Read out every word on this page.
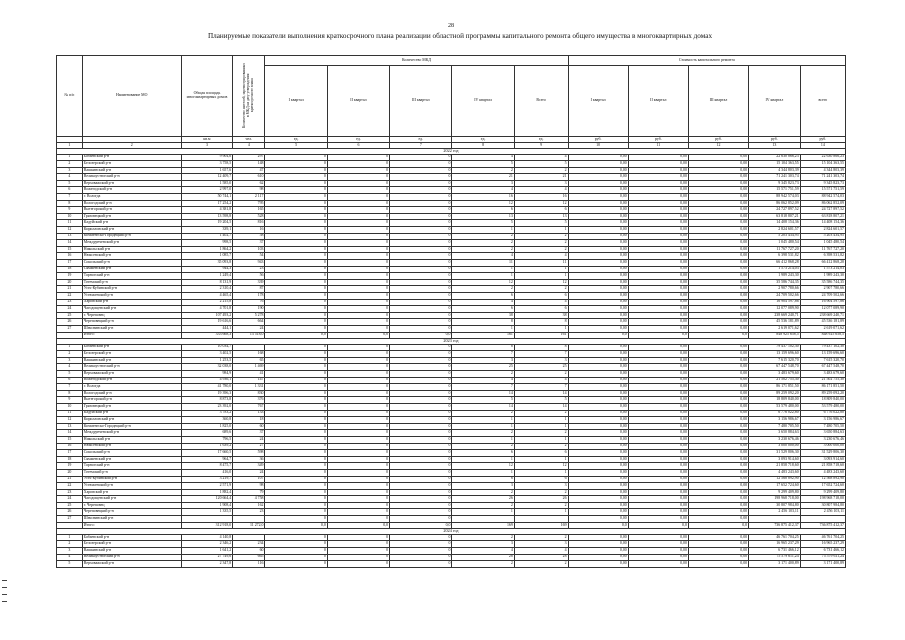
28
Планируемые показатели выполнения краткосрочного плана реализации областной программы капитального ремонта общего имущества в многоквартирных домах
№ п/п	Наименование МО	Общая площадь многоквартирных домов	Количество жителей, зарегистрированных в МКД на дату утверждения краткосрочного плана	Количество МКД					Стоимость капитального ремонта				
				I квартал	II квартал	III квартал	IV квартал	Всего	I квартал	II квартал	III квартал	IV квартал	всего
		кв.м	чел.	ед.	ед.	ед.	ед.	ед.	руб.	руб.	руб.	руб.	руб.
1	2	3	4	5	6	7	8	9	10	11	12	13	14
2022 год													
1	Бабаевский р-н	9 904,6	297	0	0	0	4	4	0,00	0,00	0,00	22 630 866,23	22 630 866,23
2	Белозерский р-н	3 758,5	148	0	0	0	5	5	0,00	0,00	0,00	15 104 363,55	15 104 363,55
3	Вашкинский р-н	1 657,6	47	0	0	0	2	2	0,00	0,00	0,00	4 344 803,39	4 344 803,39
4	Великоустюгский р-н	12 409,7	610	0	0	0	21	21	0,00	0,00	0,00	71 241 303,74	71 241 303,74
5	Верховажский р-н	1 585,0	62	0	0	0	3	3	0,00	0,00	0,00	9 345 823,73	9 345 823,73
6	Вожегодский р-н	2 997,0	98	0	0	0	4	4	0,00	0,00	0,00	15 571 751,59	15 571 751,59
7	г. Вологда	50 744,1	2 117	0	0	0	16	16	0,00	0,00	0,00	88 942 574,03	88 942 574,03
8	Вологодский р-н	17 254,2	795	0	0	0	12	12	0,00	0,00	0,00	86 062 852,09	86 062 852,09
9	Вытегорский р-н	4 381,8	165	0	0	0	6	6	0,00	0,00	0,00	24 727 897,52	24 727 897,52
10	Грязовецкий р-н	13 598,8	528	0	0	0	13	13	0,00	0,00	0,00	63 818 807,21	63 818 807,21
11	Кадуйский р-н	19 204,5	816	0	0	0	5	5	0,00	0,00	0,00	14 408 154,36	14 408 154,36
12	Кирилловский р-н	339,1	16	0	0	0	1	1	0,00	0,00	0,00	2 824 601,57	2 824 601,57
13	Кичменгско-Городецкий р-н	1 402,7	58	0	0	0	2	2	0,00	0,00	0,00	5 203 434,95	5 203 434,95
14	Междуреченский р-н	998,5	37	0	0	0	2	2	0,00	0,00	0,00	1 045 480,54	1 045 480,54
15	Никольский р-н	1 864,2	103	0	0	0	2	2	0,00	0,00	0,00	11 767 727,20	11 767 727,20
16	Нюксенский р-н	1 085,7	54	0	0	0	4	4	0,00	0,00	0,00	6 398 531,82	6 398 531,82
17	Сокольский р-н	35 093,8	943	0	0	0	11	11	0,00	0,00	0,00	66 412 868,28	66 412 868,28
18	Сямженский р-н	944,3	23	0	0	0	1	1	0,00	0,00	0,00	1 573 214,03	1 573 214,03
19	Тарногский р-н	1 249,4	56	0	0	0	1	1	0,00	0,00	0,00	1 989 243,30	1 989 243,30
20	Тотемский р-н	8 131,9	339	0	0	0	12	12	0,00	0,00	0,00	35 586 744,35	35 586 744,35
21	Усть-Кубинский р-н	2 310,4	87	0	0	0	2	2	0,00	0,00	0,00	2 907 780,66	2 907 780,66
22	Устюженский р-н	4 465,4	178	0	0	0	6	6	0,00	0,00	0,00	24 709 502,66	24 709 502,66
23	Харовский р-н	2 215,8	76	0	0	0	4	4	0,00	0,00	0,00	16 904 597,86	16 904 597,86
24	Чагодощенский р-н	4 701,8	190	0	0	0	6	6	0,00	0,00	0,00	12 077 089,90	12 077 089,90
25	г. Череповец	107 493,2	5 278	0	0	0	38	38	0,00	0,00	0,00	238 669 240,71	238 669 240,71
26	Череповецкий р-н	19 616,6	664	0	0	0	8	8	0,00	0,00	0,00	45 536 181,89	45 536 181,89
27	Шекснинский р-н	444,1	24	0	0	0	1	1	0,00	0,00	0,00	2 619 071,62	2 619 071,62
	Итого:	333 668,3	13 518,0	0,0	0,0	0,0	161	161	0,0	0,0	0,0	848 925 658,5	848 925 658,5
2023 год													
1	Бабаевский р-н	10 034,7		0	0	0	8	8	0,00	0,00	0,00	79 437 102,30	79 437 102,30
2	Белозерский р-н	3 402,5	168	0	0	0	7	7	0,00	0,00	0,00	13 159 696,60	13 159 696,60
3	Вашкинский р-н	1 253,5	65	0	0	0	3	3	0,00	0,00	0,00	7 615 320,70	7 615 320,70
4	Великоустюгский р-н	32 038,0	1 469	0	0	0	25	25	0,00	0,00	0,00	67 447 548,70	67 447 548,70
5	Верховажский р-н	984,9	41	0	0	0	2	2	0,00	0,00	0,00	3 483 679,60	3 483 679,60
6	Вожегодский р-н	4 936,1	147	0	0	0	4	4	0,00	0,00	0,00	21 502 755,30	21 502 755,30
7	г. Вологда	41 780,0	1 331	0	0	0	7	7	0,00	0,00	0,00	86 171 851,50	86 171 851,50
8	Вологодский р-н	19 396,3	830	0	0	0	14	14	0,00	0,00	0,00	89 259 092,20	89 259 092,20
9	Вытегорский р-н	8 873,8	376	0	0	0	5	5	0,00	0,00	0,00	18 809 840,00	18 809 840,00
10	Грязовецкий р-н	23 392,0	767	0	0	0	14	14	0,00	0,00	0,00	53 579 480,00	53 579 480,00
11	Кадуйский р-н	3 783,2	133	0	0	0	2	2	0,00	0,00	0,00	6 776 022,80	6 776 022,80
12	Кирилловский р-н	360,8	18	0	0	0	1	1	0,00	0,00	0,00	3 156 986,67	3 156 986,67
13	Кичменгско-Городецкий р-н	1 825,0	60	0	0	0	1	1	0,00	0,00	0,00	7 480 705,50	7 480 705,50
14	Междуреченский р-н	689,6	37	0	0	0	2	2	0,00	0,00	0,00	3 650 884,63	3 650 884,63
15	Никольский р-н	796,5	24	0	0	0	1	1	0,00	0,00	0,00	3 230 676,46	3 230 676,46
16	Нюксенский р-н	1 639,2	27	0	0	0	2	2	0,00	0,00	0,00	3 000 000,00	3 000 000,00
17	Сокольский р-н	17 660,5	598	0	0	0	6	6	0,00	0,00	0,00	31 529 806,30	31 529 806,30
18	Сямженский р-н	964,7	36	0	0	0	1	1	0,00	0,00	0,00	3 093 914,60	3 093 914,60
19	Тарногский р-н	8 475,7	349	0	0	0	12	12	0,00	0,00	0,00	21 858 718,60	21 858 718,60
20	Тотемский р-н	416,0	24	0	0	0	1	1	0,00	0,00	0,00	4 483 243,60	4 483 243,60
21	Усть-Кубинский р-н	3 219,7	107	0	0	0	6	6	0,00	0,00	0,00	12 568 892,90	12 568 892,90
22	Устюженский р-н	2 571,9	98	0	0	0	3	3	0,00	0,00	0,00	17 652 724,60	17 652 724,60
23	Харовский р-н	1 882,4	79	0	0	0	2	2	0,00	0,00	0,00	9 299 409,80	9 299 409,80
24	Чагодощенский р-н	120 664,4	4 758	0	0	0	26	26	0,00	0,00	0,00	198 968 718,00	198 968 718,00
25	г. Череповец	1 908,4	162	0	0	0	2	2	0,00	0,00	0,00	30 807 984,80	30 807 984,80
26	Череповецкий р-н	1 335,5	23	0	0	0	1	1	0,00	0,00	0,00	2 456 103,11	2 456 103,11
27	Шекснинский р-н			0	0	0			0,00	0,00	0,00		
	Итого:	312 918,0	11 272,0	0,0	0,0	0,0	169	169	0,0	0,0	0,0	736 875 412,37	736 875 412,37
2024 год													
1	Бабаевский р-н	4 140,8		0	0	0	2	2	0,00	0,00	0,00	46 761 704,25	46 761 704,25
2	Белозерский р-н	2 346,2	234	0	0	0	3	3	0,00	0,00	0,00	16 965 237,29	16 965 237,29
3	Вашкинский р-н	1 641,2	60	0	0	0	4	4	0,00	0,00	0,00	6 731 466,12	6 731 466,12
4	Великоустюгский р-н	27 749,6	665	0	0	0	28	28	0,00	0,00	0,00	75 579 611,24	75 579 611,24
5	Верховажский р-н	2 347,8	116	0	0	0	2	2	0,00	0,00	0,00	3 171 400,89	3 171 400,89
